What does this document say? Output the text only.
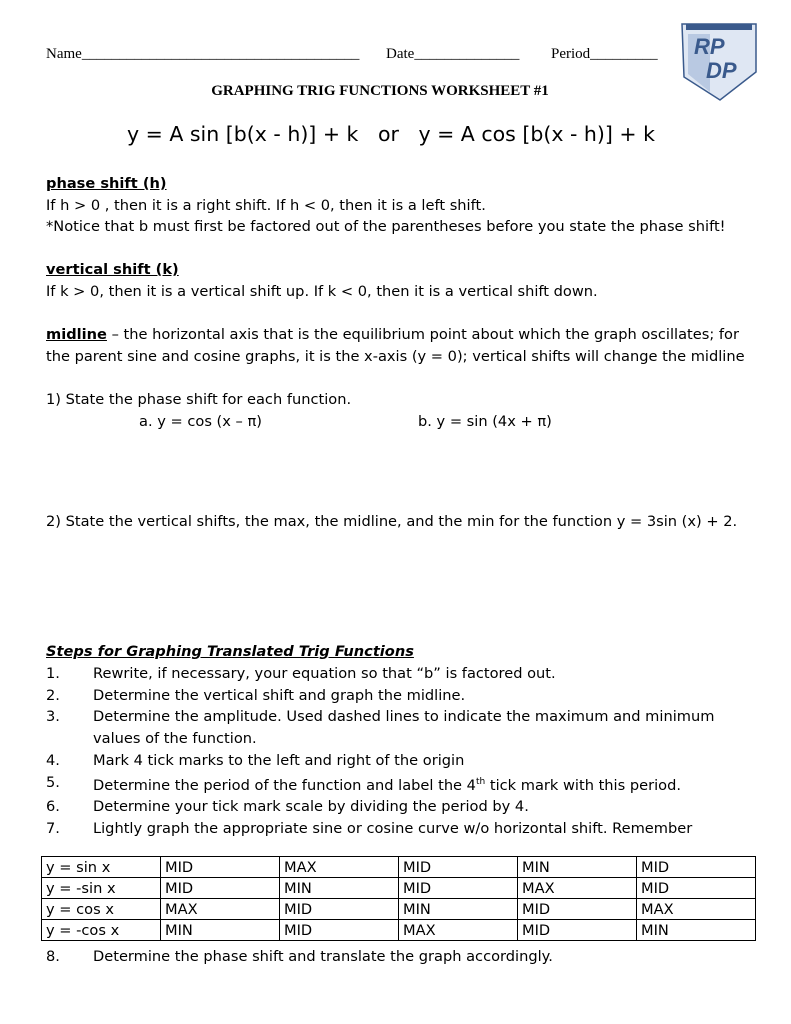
Name_____________________________________ Date______________ Period_________ RP
DP
GRAPHING TRIG FUNCTIONS WORKSHEET #1
y = A sin [b(x - h)] + k   or   y = A cos [b(x - h)] + k
phase shift (h)
If h > 0 , then it is a right shift. If h < 0, then it is a left shift.
*Notice that b must first be factored out of the parentheses before you state the phase shift!
vertical shift (k)
If k > 0, then it is a vertical shift up. If k < 0, then it is a vertical shift down.
midline – the horizontal axis that is the equilibrium point about which the graph oscillates; for
the parent sine and cosine graphs, it is the x-axis (y = 0); vertical shifts will change the midline
1) State the phase shift for each function.
a. y = cos (x – π)	b. y = sin (4x + π)
2) State the vertical shifts, the max, the midline, and the min for the function y = 3sin (x) + 2.
Steps for Graphing Translated Trig Functions
1.	Rewrite, if necessary, your equation so that “b” is factored out.
2.	Determine the vertical shift and graph the midline.
3.	Determine the amplitude. Used dashed lines to indicate the maximum and minimum values of the function.
4.	Mark 4 tick marks to the left and right of the origin
5.	Determine the period of the function and label the 4th tick mark with this period.
6.	Determine your tick mark scale by dividing the period by 4.
7.	Lightly graph the appropriate sine or cosine curve w/o horizontal shift. Remember
y = sin x	MID	MAX	MID	MIN	MID
y = -sin x	MID	MIN	MID	MAX	MID
y = cos x	MAX	MID	MIN	MID	MAX
y = -cos x	MIN	MID	MAX	MID	MIN
8.	Determine the phase shift and translate the graph accordingly.
